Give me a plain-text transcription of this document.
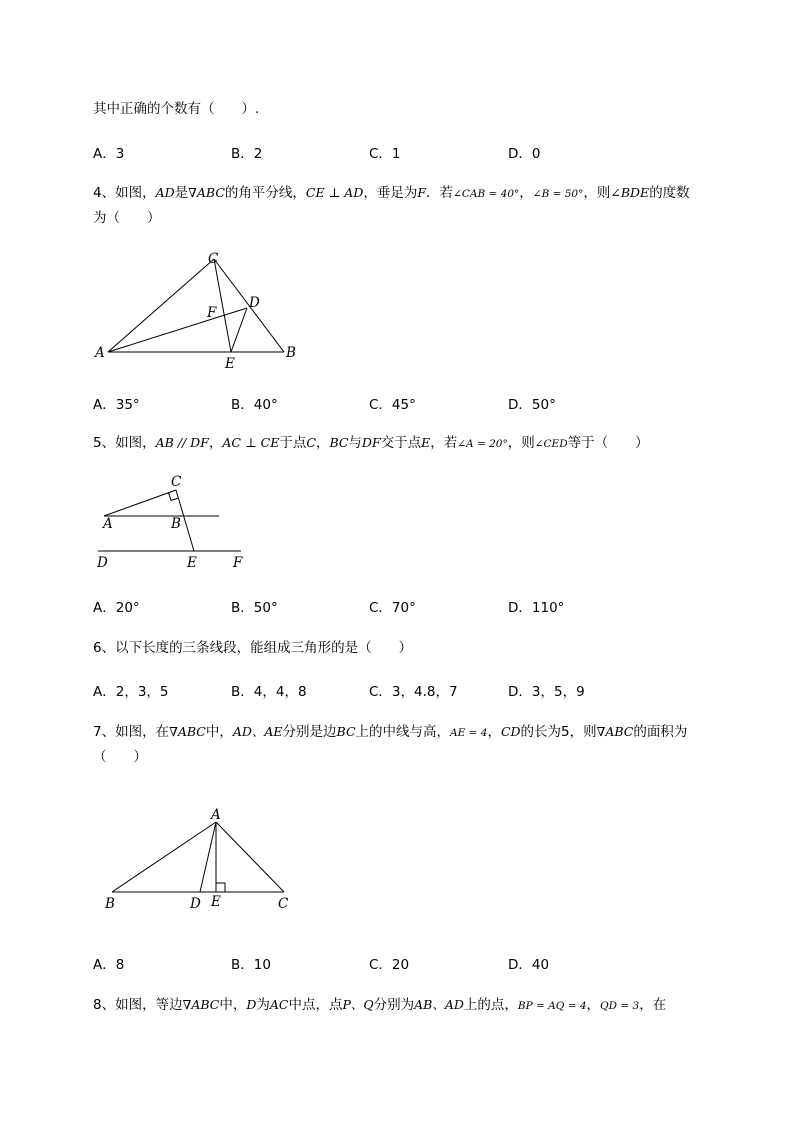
其中正确的个数有（　　）.
A．3	B．2	C．1	D．0
4、如图，AD是∇ABC的角平分线，CE ⊥ AD，垂足为F．若∠CAB = 40°，∠B = 50°，则∠BDE的度数
为（　　）
A	B
C
D
E
F
A．35°	B．40°	C．45°	D．50°
5、如图，AB // DF，AC ⊥ CE于点C，BC与DF交于点E，若∠A = 20°，则∠CED等于（　　）
A	B
C
D	E	F
A．20°	B．50°	C．70°	D．110°
6、以下长度的三条线段，能组成三角形的是（　　）
A．2，3，5	B．4，4，8	C．3，4.8，7	D．3，5，9
7、如图，在∇ABC中，AD、AE分别是边BC上的中线与高，AE = 4，CD的长为5，则∇ABC的面积为
（　　）
A
B	C
D E
A．8	B．10	C．20	D．40
8、如图，等边∇ABC中，D为AC中点，点P、Q分别为AB、AD上的点，BP = AQ = 4，QD = 3，在
